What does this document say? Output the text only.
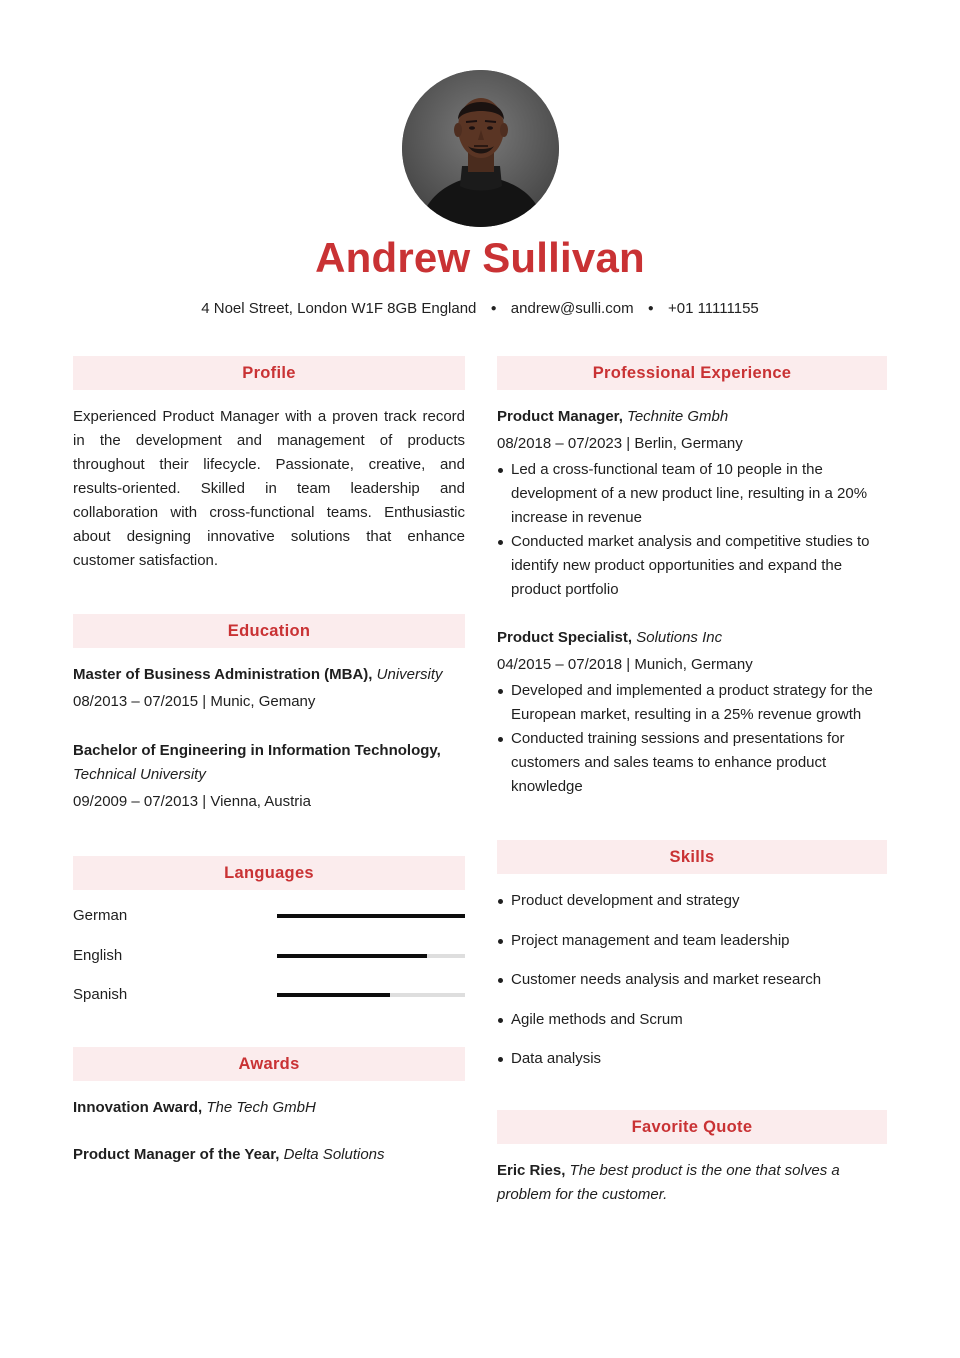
Andrew Sullivan
4 Noel Street, London W1F 8GB England ● andrew@sulli.com ● +01 11111155
Profile
Experienced Product Manager with a proven track record in the development and management of products throughout their lifecycle. Passionate, creative, and results-oriented. Skilled in team leadership and collaboration with cross-functional teams. Enthusiastic about designing innovative solutions that enhance customer satisfaction.
Education
Master of Business Administration (MBA), University
08/2013 – 07/2015 | Munic, Gemany
Bachelor of Engineering in Information Technology,
Technical University
09/2009 – 07/2013 | Vienna, Austria
Languages
German
English
Spanish
Awards
Innovation Award, The Tech GmbH
Product Manager of the Year, Delta Solutions
Professional Experience
Product Manager, Technite Gmbh
08/2018 – 07/2023 | Berlin, Germany
Led a cross-functional team of 10 people in the development of a new product line, resulting in a 20% increase in revenue
Conducted market analysis and competitive studies to identify new product opportunities and expand the product portfolio
Product Specialist, Solutions Inc
04/2015 – 07/2018 | Munich, Germany
Developed and implemented a product strategy for the European market, resulting in a 25% revenue growth
Conducted training sessions and presentations for customers and sales teams to enhance product knowledge
Skills
Product development and strategy
Project management and team leadership
Customer needs analysis and market research
Agile methods and Scrum
Data analysis
Favorite Quote
Eric Ries, The best product is the one that solves a problem for the customer.
